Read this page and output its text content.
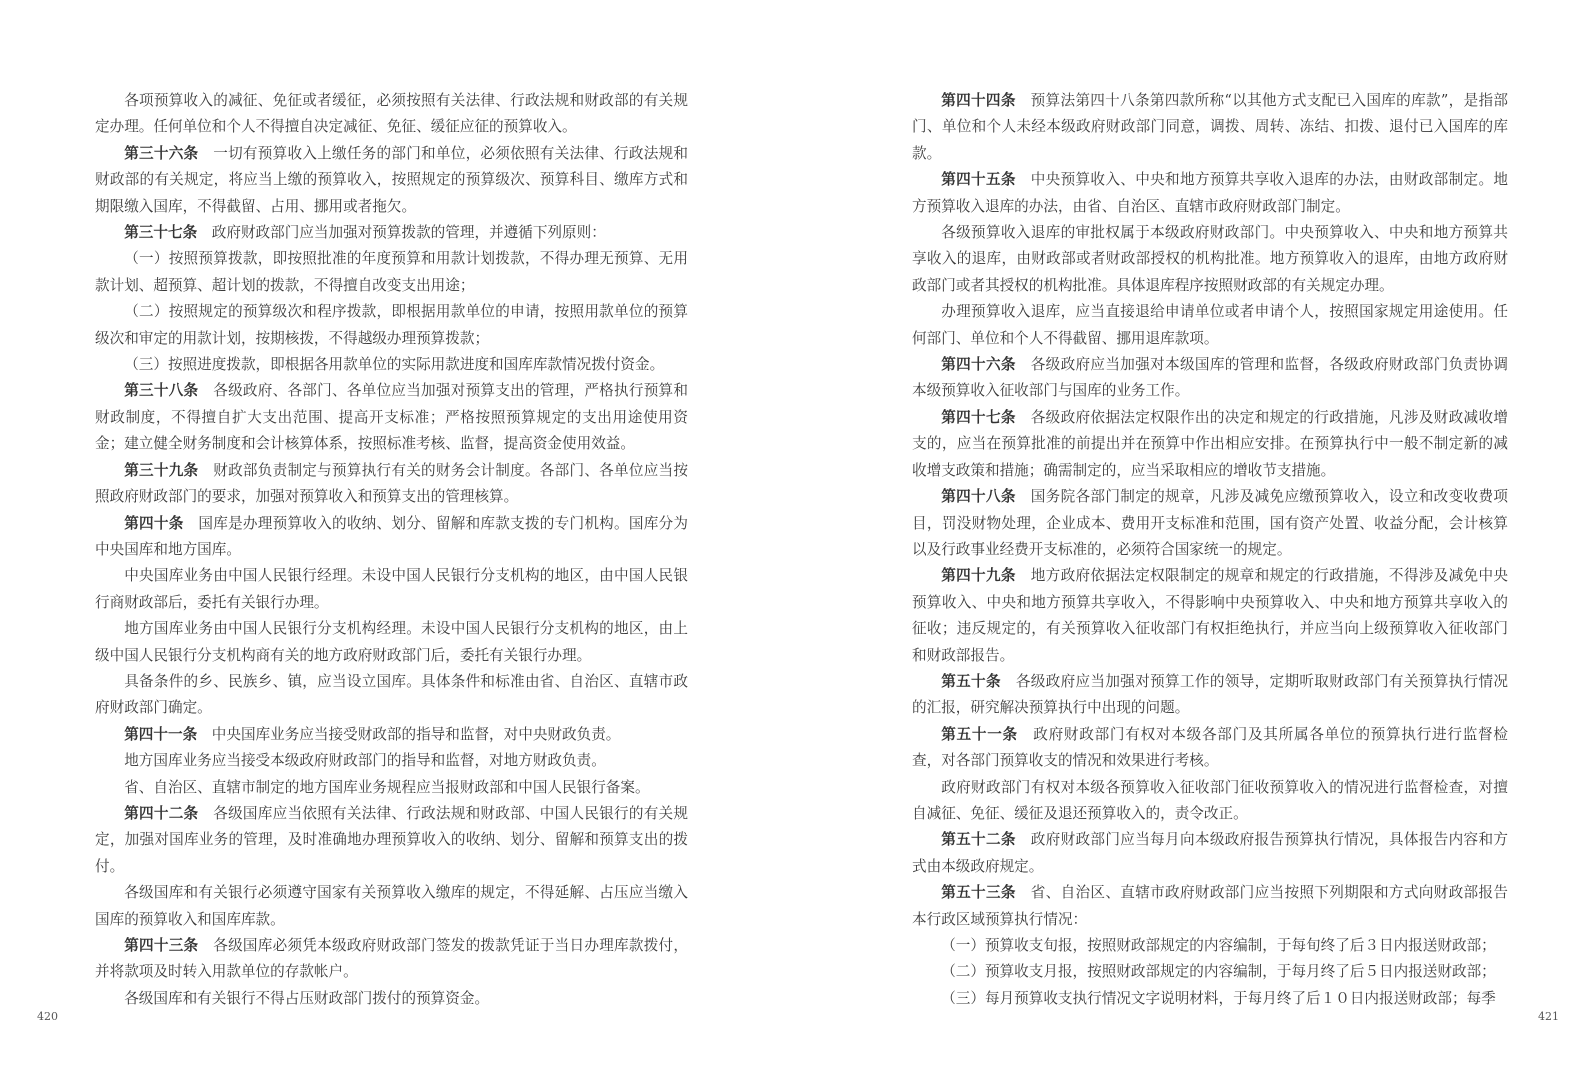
各项预算收入的减征、免征或者缓征，必须按照有关法律、行政法规和财政部的有关规定办理。任何单位和个人不得擅自决定减征、免征、缓征应征的预算收入。

第三十六条 一切有预算收入上缴任务的部门和单位，必须依照有关法律、行政法规和财政部的有关规定，将应当上缴的预算收入，按照规定的预算级次、预算科目、缴库方式和期限缴入国库，不得截留、占用、挪用或者拖欠。

第三十七条 政府财政部门应当加强对预算拨款的管理，并遵循下列原则：

（一）按照预算拨款，即按照批准的年度预算和用款计划拨款，不得办理无预算、无用款计划、超预算、超计划的拨款，不得擅自改变支出用途；

（二）按照规定的预算级次和程序拨款，即根据用款单位的申请，按照用款单位的预算级次和审定的用款计划，按期核拨，不得越级办理预算拨款；

（三）按照进度拨款，即根据各用款单位的实际用款进度和国库库款情况拨付资金。

第三十八条 各级政府、各部门、各单位应当加强对预算支出的管理，严格执行预算和财政制度，不得擅自扩大支出范围、提高开支标准；严格按照预算规定的支出用途使用资金；建立健全财务制度和会计核算体系，按照标准考核、监督，提高资金使用效益。

第三十九条 财政部负责制定与预算执行有关的财务会计制度。各部门、各单位应当按照政府财政部门的要求，加强对预算收入和预算支出的管理核算。

第四十条 国库是办理预算收入的收纳、划分、留解和库款支拨的专门机构。国库分为中央国库和地方国库。

中央国库业务由中国人民银行经理。未设中国人民银行分支机构的地区，由中国人民银行商财政部后，委托有关银行办理。

地方国库业务由中国人民银行分支机构经理。未设中国人民银行分支机构的地区，由上级中国人民银行分支机构商有关的地方政府财政部门后，委托有关银行办理。

具备条件的乡、民族乡、镇，应当设立国库。具体条件和标准由省、自治区、直辖市政府财政部门确定。

第四十一条 中央国库业务应当接受财政部的指导和监督，对中央财政负责。

地方国库业务应当接受本级政府财政部门的指导和监督，对地方财政负责。

省、自治区、直辖市制定的地方国库业务规程应当报财政部和中国人民银行备案。

第四十二条 各级国库应当依照有关法律、行政法规和财政部、中国人民银行的有关规定，加强对国库业务的管理，及时准确地办理预算收入的收纳、划分、留解和预算支出的拨付。

各级国库和有关银行必须遵守国家有关预算收入缴库的规定，不得延解、占压应当缴入国库的预算收入和国库库款。

第四十三条 各级国库必须凭本级政府财政部门签发的拨款凭证于当日办理库款拨付，并将款项及时转入用款单位的存款帐户。

各级国库和有关银行不得占压财政部门拨付的预算资金。

420

第四十四条 预算法第四十八条第四款所称“以其他方式支配已入国库的库款”，是指部门、单位和个人未经本级政府财政部门同意，调拨、周转、冻结、扣拨、退付已入国库的库款。

第四十五条 中央预算收入、中央和地方预算共享收入退库的办法，由财政部制定。地方预算收入退库的办法，由省、自治区、直辖市政府财政部门制定。

各级预算收入退库的审批权属于本级政府财政部门。中央预算收入、中央和地方预算共享收入的退库，由财政部或者财政部授权的机构批准。地方预算收入的退库，由地方政府财政部门或者其授权的机构批准。具体退库程序按照财政部的有关规定办理。

办理预算收入退库，应当直接退给申请单位或者申请个人，按照国家规定用途使用。任何部门、单位和个人不得截留、挪用退库款项。

第四十六条 各级政府应当加强对本级国库的管理和监督，各级政府财政部门负责协调本级预算收入征收部门与国库的业务工作。

第四十七条 各级政府依据法定权限作出的决定和规定的行政措施，凡涉及财政减收增支的，应当在预算批准的前提出并在预算中作出相应安排。在预算执行中一般不制定新的减收增支政策和措施；确需制定的，应当采取相应的增收节支措施。

第四十八条 国务院各部门制定的规章，凡涉及减免应缴预算收入，设立和改变收费项目，罚没财物处理，企业成本、费用开支标准和范围，国有资产处置、收益分配，会计核算以及行政事业经费开支标准的，必须符合国家统一的规定。

第四十九条 地方政府依据法定权限制定的规章和规定的行政措施，不得涉及减免中央预算收入、中央和地方预算共享收入，不得影响中央预算收入、中央和地方预算共享收入的征收；违反规定的，有关预算收入征收部门有权拒绝执行，并应当向上级预算收入征收部门和财政部报告。

第五十条 各级政府应当加强对预算工作的领导，定期听取财政部门有关预算执行情况的汇报，研究解决预算执行中出现的问题。

第五十一条 政府财政部门有权对本级各部门及其所属各单位的预算执行进行监督检查，对各部门预算收支的情况和效果进行考核。

政府财政部门有权对本级各预算收入征收部门征收预算收入的情况进行监督检查，对擅自减征、免征、缓征及退还预算收入的，责令改正。

第五十二条 政府财政部门应当每月向本级政府报告预算执行情况，具体报告内容和方式由本级政府规定。

第五十三条 省、自治区、直辖市政府财政部门应当按照下列期限和方式向财政部报告本行政区域预算执行情况：

（一）预算收支旬报，按照财政部规定的内容编制，于每旬终了后３日内报送财政部；

（二）预算收支月报，按照财政部规定的内容编制，于每月终了后５日内报送财政部；

（三）每月预算收支执行情况文字说明材料，于每月终了后１０日内报送财政部；每季

421
